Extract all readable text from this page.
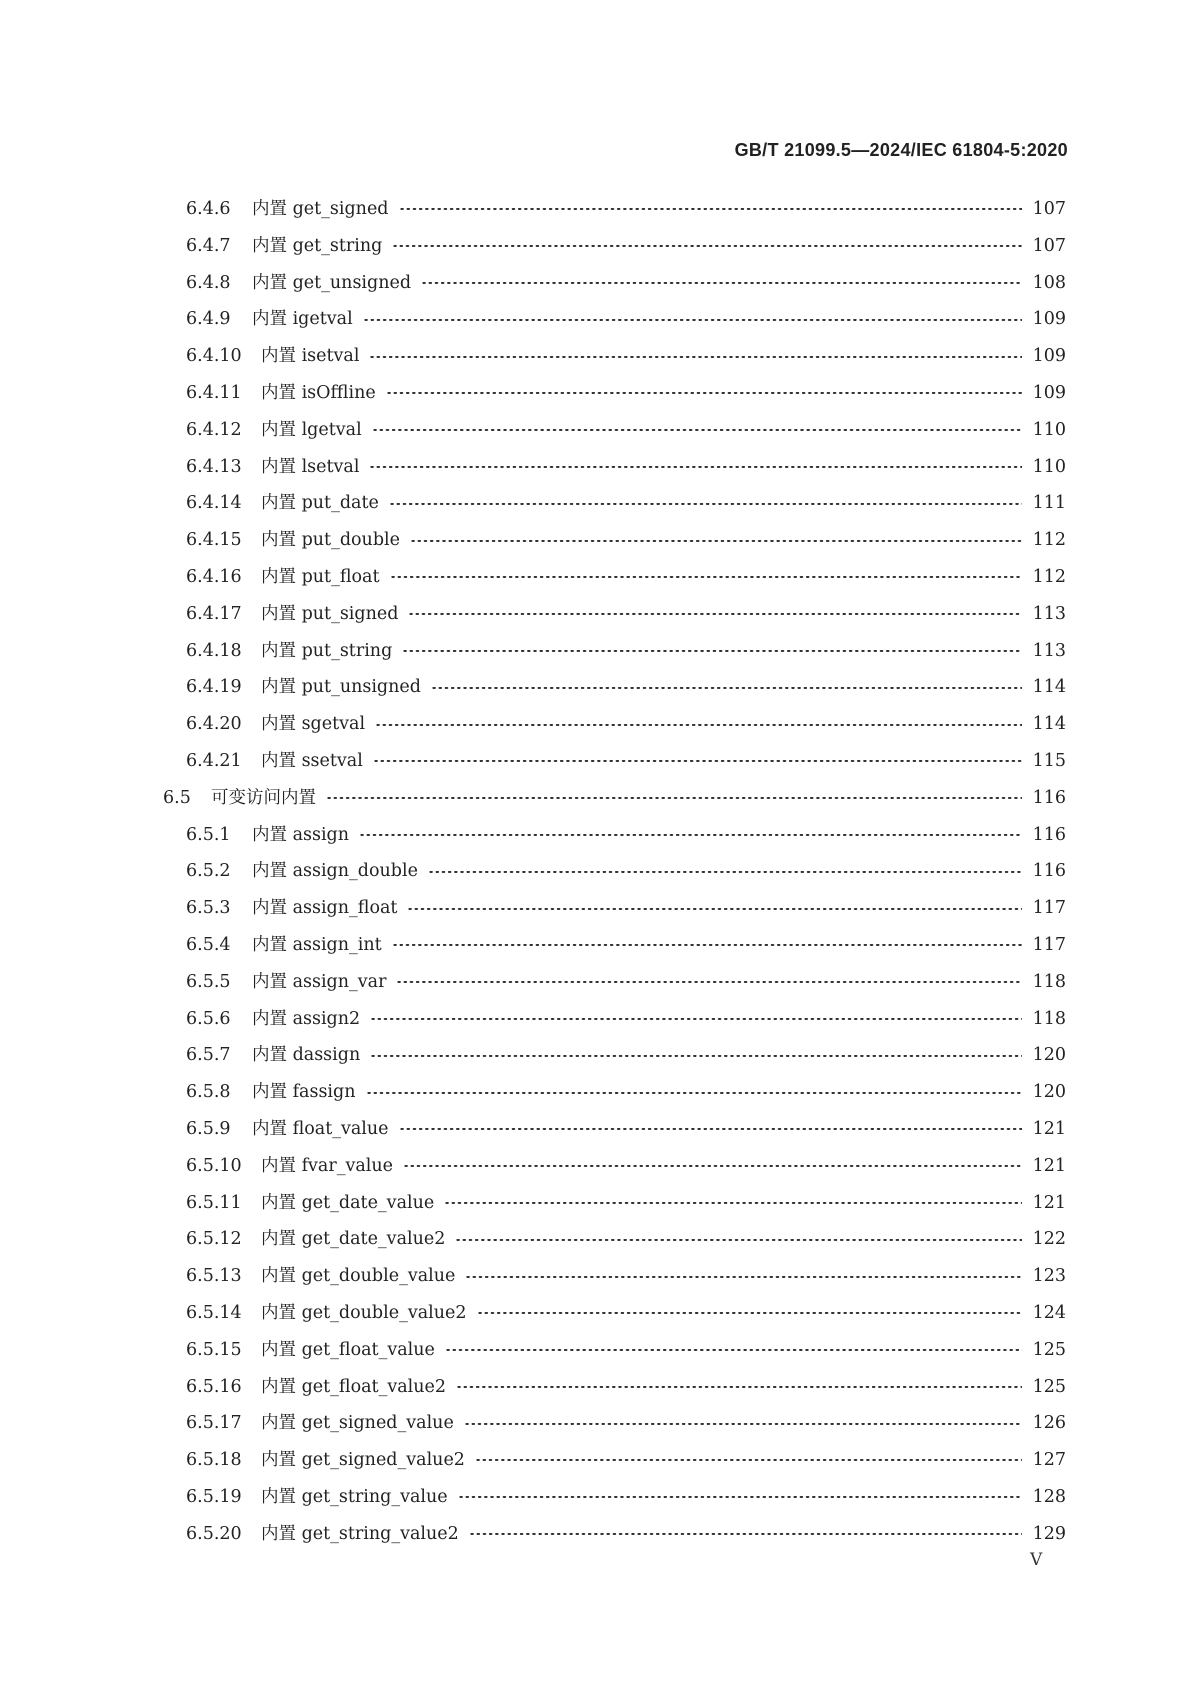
GB/T 21099.5—2024/IEC 61804-5:2020
6.4.6	内置 get_signed	107
6.4.7	内置 get_string	107
6.4.8	内置 get_unsigned	108
6.4.9	内置 igetval	109
6.4.10	内置 isetval	109
6.4.11	内置 isOffline	109
6.4.12	内置 lgetval	110
6.4.13	内置 lsetval	110
6.4.14	内置 put_date	111
6.4.15	内置 put_double	112
6.4.16	内置 put_float	112
6.4.17	内置 put_signed	113
6.4.18	内置 put_string	113
6.4.19	内置 put_unsigned	114
6.4.20	内置 sgetval	114
6.4.21	内置 ssetval	115
6.5	可变访问内置	116
6.5.1	内置 assign	116
6.5.2	内置 assign_double	116
6.5.3	内置 assign_float	117
6.5.4	内置 assign_int	117
6.5.5	内置 assign_var	118
6.5.6	内置 assign2	118
6.5.7	内置 dassign	120
6.5.8	内置 fassign	120
6.5.9	内置 float_value	121
6.5.10	内置 fvar_value	121
6.5.11	内置 get_date_value	121
6.5.12	内置 get_date_value2	122
6.5.13	内置 get_double_value	123
6.5.14	内置 get_double_value2	124
6.5.15	内置 get_float_value	125
6.5.16	内置 get_float_value2	125
6.5.17	内置 get_signed_value	126
6.5.18	内置 get_signed_value2	127
6.5.19	内置 get_string_value	128
6.5.20	内置 get_string_value2	129
V
